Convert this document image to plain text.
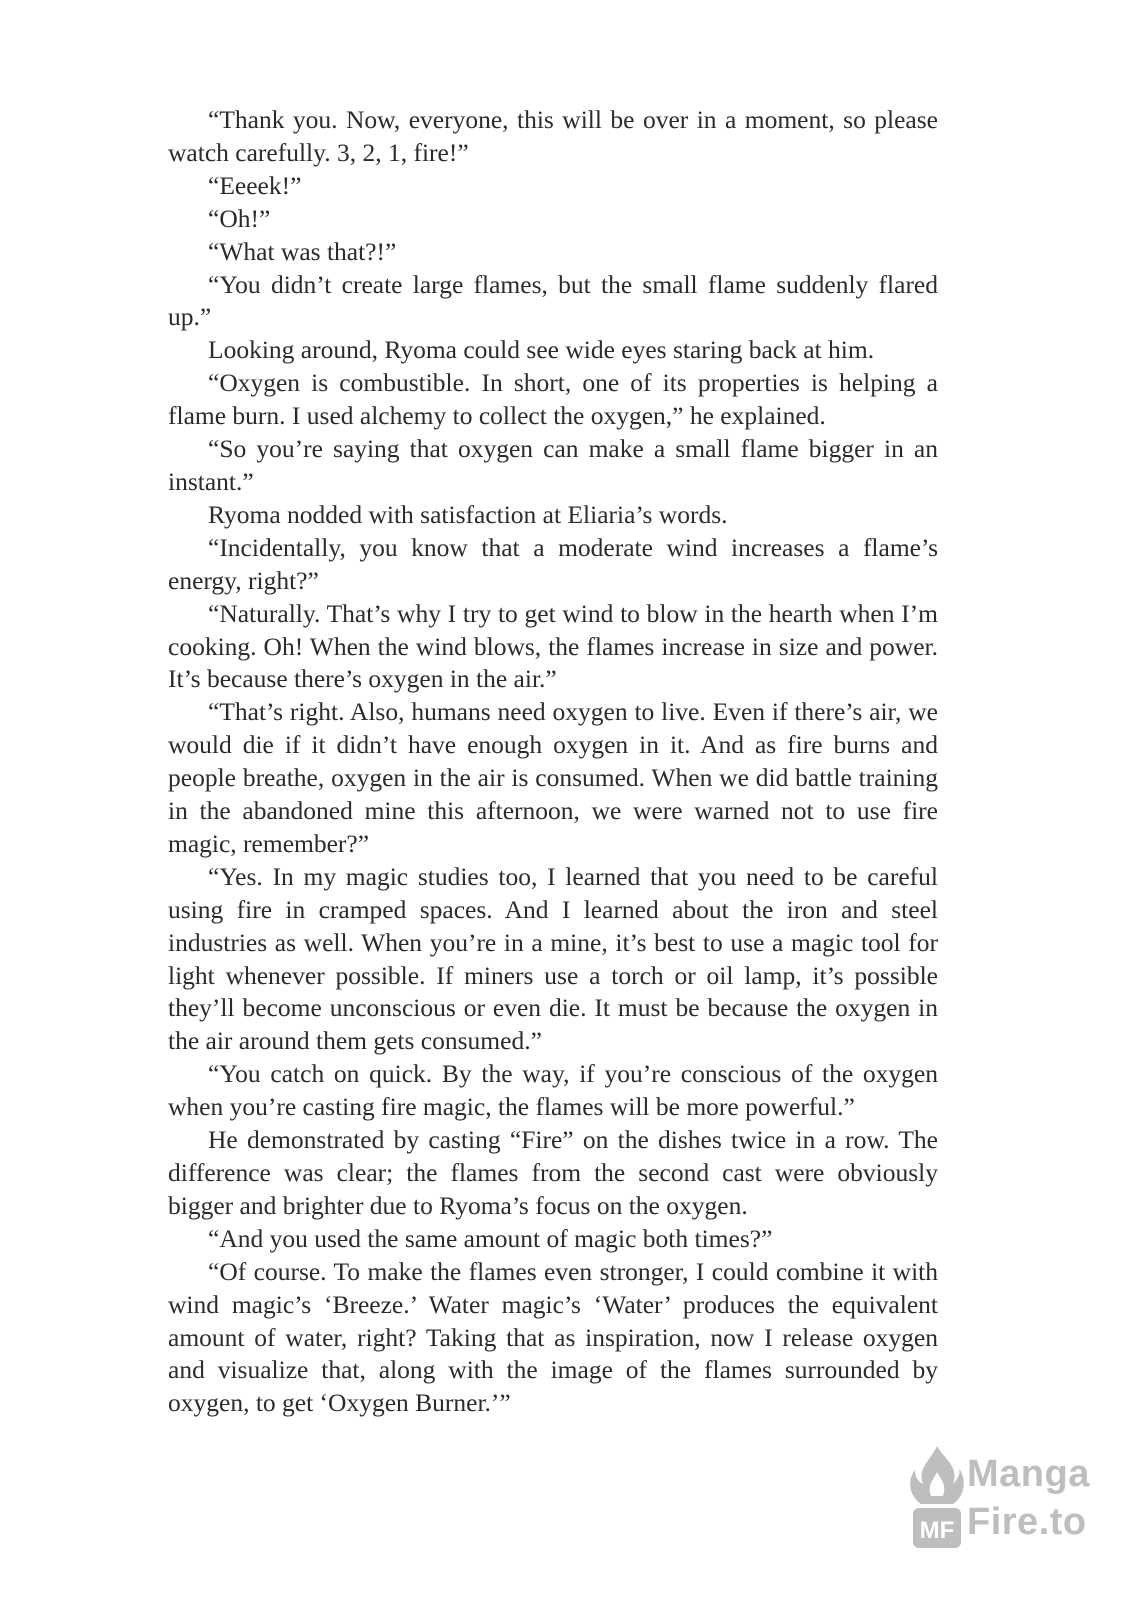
“Thank you. Now, everyone, this will be over in a moment, so please watch carefully. 3, 2, 1, fire!”

“Eeeek!”

“Oh!”

“What was that?!”

“You didn’t create large flames, but the small flame suddenly flared up.”

Looking around, Ryoma could see wide eyes staring back at him.

“Oxygen is combustible. In short, one of its properties is helping a flame burn. I used alchemy to collect the oxygen,” he explained.

“So you’re saying that oxygen can make a small flame bigger in an instant.”

Ryoma nodded with satisfaction at Eliaria’s words.

“Incidentally, you know that a moderate wind increases a flame’s energy, right?”

“Naturally. That’s why I try to get wind to blow in the hearth when I’m cooking. Oh! When the wind blows, the flames increase in size and power. It’s because there’s oxygen in the air.”

“That’s right. Also, humans need oxygen to live. Even if there’s air, we would die if it didn’t have enough oxygen in it. And as fire burns and people breathe, oxygen in the air is consumed. When we did battle training in the abandoned mine this afternoon, we were warned not to use fire magic, remember?”

“Yes. In my magic studies too, I learned that you need to be careful using fire in cramped spaces. And I learned about the iron and steel industries as well. When you’re in a mine, it’s best to use a magic tool for light whenever possible. If miners use a torch or oil lamp, it’s possible they’ll become unconscious or even die. It must be because the oxygen in the air around them gets consumed.”

“You catch on quick. By the way, if you’re conscious of the oxygen when you’re casting fire magic, the flames will be more powerful.”

He demonstrated by casting “Fire” on the dishes twice in a row. The difference was clear; the flames from the second cast were obviously bigger and brighter due to Ryoma’s focus on the oxygen.

“And you used the same amount of magic both times?”

“Of course. To make the flames even stronger, I could combine it with wind magic’s ‘Breeze.’ Water magic’s ‘Water’ produces the equivalent amount of water, right? Taking that as inspiration, now I release oxygen and visualize that, along with the image of the flames surrounded by oxygen, to get ‘Oxygen Burner.’”

MF
Manga
Fire.to
